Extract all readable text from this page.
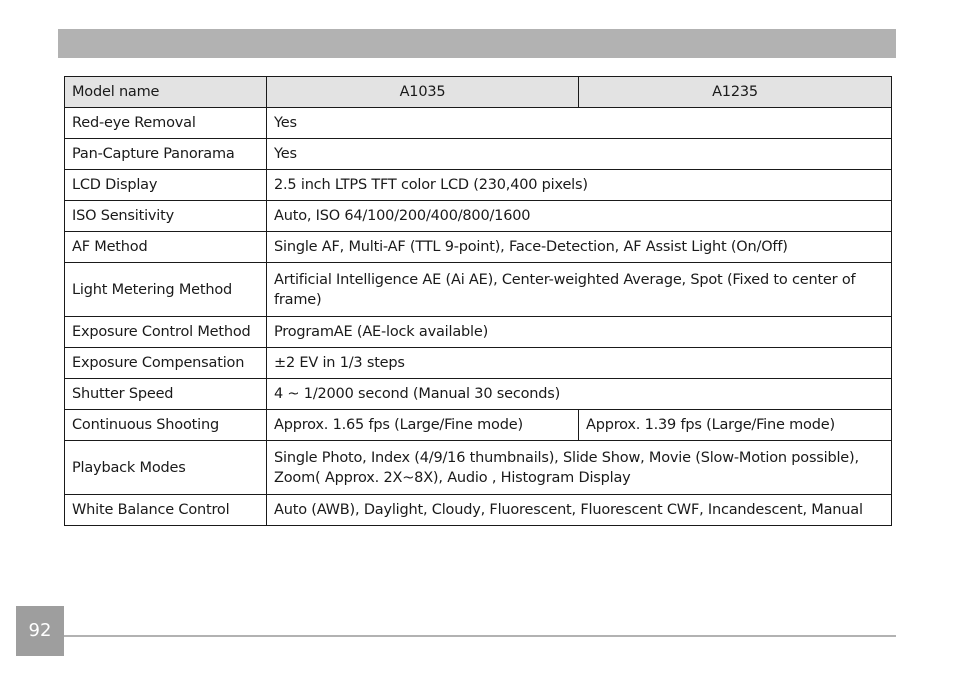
Model name	A1035	A1235
Red-eye Removal	Yes	
Pan-Capture Panorama	Yes	
LCD Display	2.5 inch LTPS TFT color LCD (230,400 pixels)	
ISO Sensitivity	Auto, ISO 64/100/200/400/800/1600	
AF Method	Single AF, Multi-AF (TTL 9-point), Face-Detection, AF Assist Light (On/Off)	
Light Metering Method	Artificial Intelligence AE (Ai AE), Center-weighted Average, Spot (Fixed to center of frame)	
Exposure Control Method	ProgramAE (AE-lock available)	
Exposure Compensation	±2 EV in 1/3 steps	
Shutter Speed	4 ~ 1/2000 second (Manual 30 seconds)	
Continuous Shooting	Approx. 1.65 fps (Large/Fine mode)	Approx. 1.39 fps (Large/Fine mode)
Playback Modes	Single Photo, Index (4/9/16 thumbnails), Slide Show, Movie (Slow-Motion possible), Zoom( Approx. 2X~8X), Audio , Histogram Display	
White Balance Control	Auto (AWB), Daylight, Cloudy, Fluorescent, Fluorescent CWF, Incandescent, Manual	
92
